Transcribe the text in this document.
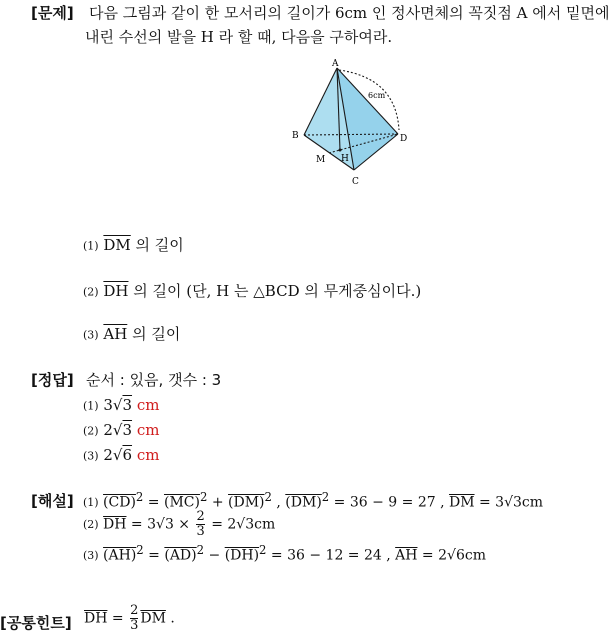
[문제] 다음 그림과 같이 한 모서리의 길이가 6cm 인 정사면체의 꼭짓점 A 에서 밑면에
내린 수선의 발을 H 라 할 때, 다음을 구하여라.
A
B
C
D
H
M
6cm
(1) $\overline{DM}$ 의 길이
(2) $\overline{DH}$ 의 길이 (단, H 는 △BCD 의 무게중심이다.)
(3) $\overline{AH}$ 의 길이
[정답] 순서 : 있음, 갯수 : 3
(1) 3√3 cm
(2) 2√3 cm
(3) 2√6 cm
[해설] (1) (CD)$^2$ = (MC)$^2$ + (DM)$^2$ , (DM)$^2$ = 36 − 9 = 27 , $\overline{DM} = 3√3cm$
(2) $\overline{DH} = 3√3 \times \frac{2}{3} = 2√3cm$
(3) (AH)$^2$ = (AD)$^2$ − (DH)$^2$ = 36 − 12 = 24 , $\overline{AH} = 2√6cm$
[공통힌트] $\overline{DH} = \frac{2}{3} \overline{DM}$ .
